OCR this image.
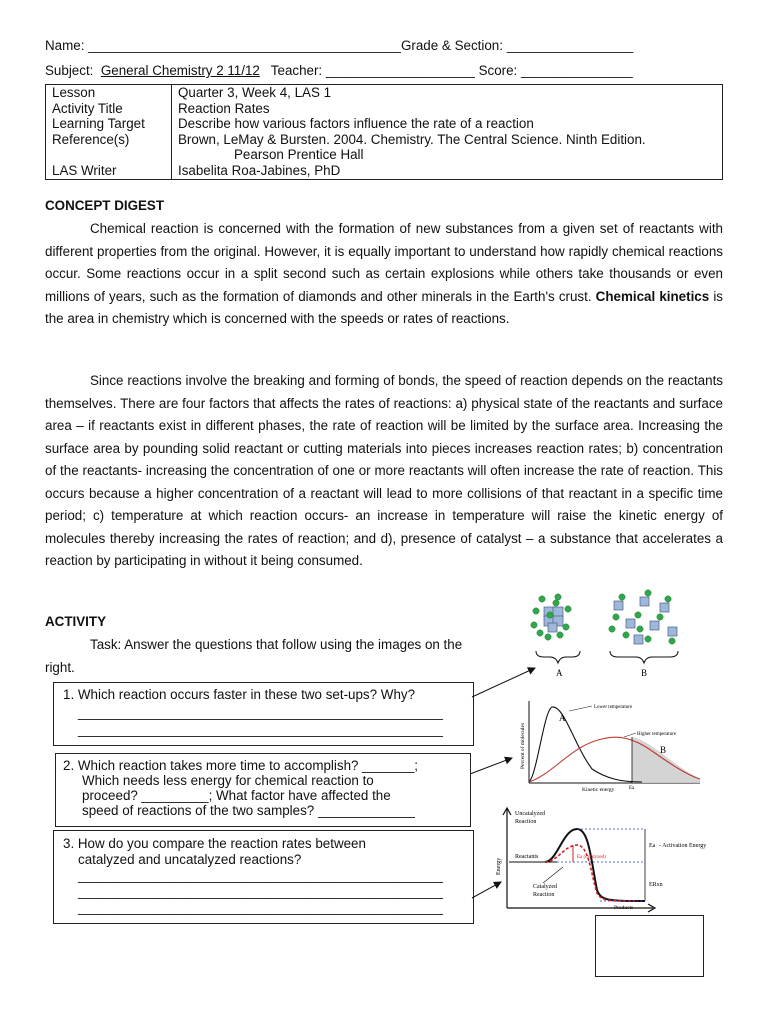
Name: __________________________________________Grade & Section: _________________
Subject: General Chemistry 2 11/12 Teacher: ____________________ Score: _______________
Lesson	Quarter 3, Week 4, LAS 1
Activity Title	Reaction Rates
Learning Target	Describe how various factors influence the rate of a reaction
Reference(s)	Brown, LeMay & Bursten. 2004. Chemistry. The Central Science. Ninth Edition.
Pearson Prentice Hall

LAS Writer	Isabelita Roa-Jabines, PhD
CONCEPT DIGEST
Chemical reaction is concerned with the formation of new substances from a given set of reactants with different properties from the original. However, it is equally important to understand how rapidly chemical reactions occur. Some reactions occur in a split second such as certain explosions while others take thousands or even millions of years, such as the formation of diamonds and other minerals in the Earth's crust. Chemical kinetics is the area in chemistry which is concerned with the speeds or rates of reactions.
Since reactions involve the breaking and forming of bonds, the speed of reaction depends on the reactants themselves. There are four factors that affects the rates of reactions: a) physical state of the reactants and surface area – if reactants exist in different phases, the rate of reaction will be limited by the surface area. Increasing the surface area by pounding solid reactant or cutting materials into pieces increases reaction rates; b) concentration of the reactants- increasing the concentration of one or more reactants will often increase the rate of reaction. This occurs because a higher concentration of a reactant will lead to more collisions of that reactant in a specific time period; c) temperature at which reaction occurs- an increase in temperature will raise the kinetic energy of molecules thereby increasing the rates of reaction; and d), presence of catalyst – a substance that accelerates a reaction by participating in without it being consumed.
ACTIVITY
Task: Answer the questions that follow using the images on the
right.
1. Which reaction occurs faster in these two set-ups? Why?
_________________________________________________
_________________________________________________
2. Which reaction takes more time to accomplish? _______;
Which needs less energy for chemical reaction to
proceed? _________; What factor have affected the
speed of reactions of the two samples? _____________
3. How do you compare the reaction rates between
catalyzed and uncatalyzed reactions?
_________________________________________________
_________________________________________________
_________________________________________________
A	B
Percent of molecules
Kinetic energy
A
B
Lower temperature
Higher temperature
Ea
Energy
Uncatalyzed
Reaction
Reactants
Ea - Activation Energy
ERxn
Ea (catalyzed)
Catalyzed
Reaction
Products
